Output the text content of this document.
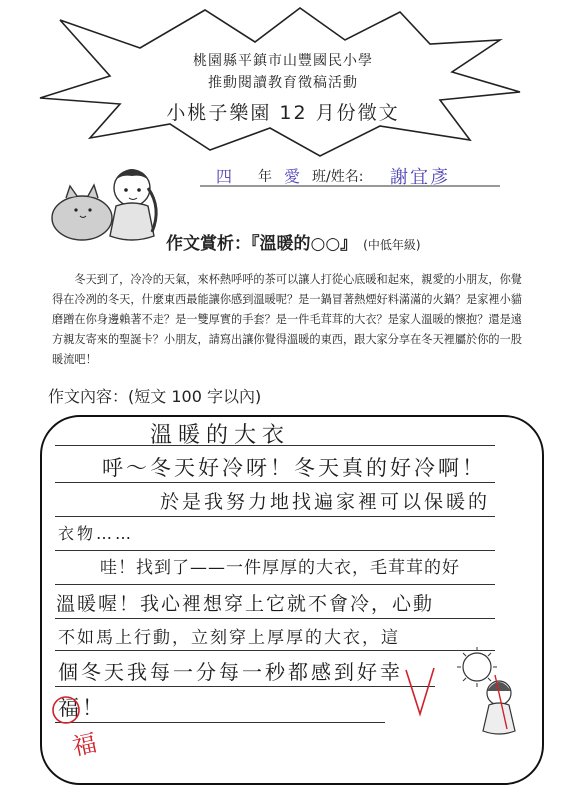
桃園縣平鎮市山豐國民小學
推動閱讀教育徵稿活動
小桃子樂園 12 月份徵文
四 年 愛 班/姓名: 謝宜彥
作文賞析：『溫暖的○○』 (中低年級)
冬天到了，冷冷的天氣，來杯熱呼呼的茶可以讓人打從心底暖和起來，親愛的小朋友，你覺得在冷冽的冬天，什麼東西最能讓你感到溫暖呢？是一鍋冒著熱煙好料滿滿的火鍋？是家裡小貓磨蹭在你身邊賴著不走？是一雙厚實的手套？是一件毛茸茸的大衣？是家人溫暖的懷抱？還是遠方親友寄來的聖誕卡？小朋友，請寫出讓你覺得溫暖的東西，跟大家分享在冬天裡屬於你的一股暖流吧！
作文內容：(短文 100 字以內)
溫暖的大衣
呼～冬天好冷呀！冬天真的好冷啊！
於是我努力地找遍家裡可以保暖的
衣物……
哇！找到了——一件厚厚的大衣，毛茸茸的好
溫暖喔！我心裡想穿上它就不會冷，心動
不如馬上行動，立刻穿上厚厚的大衣，這
個冬天我每一分每一秒都感到好幸
福！
福
